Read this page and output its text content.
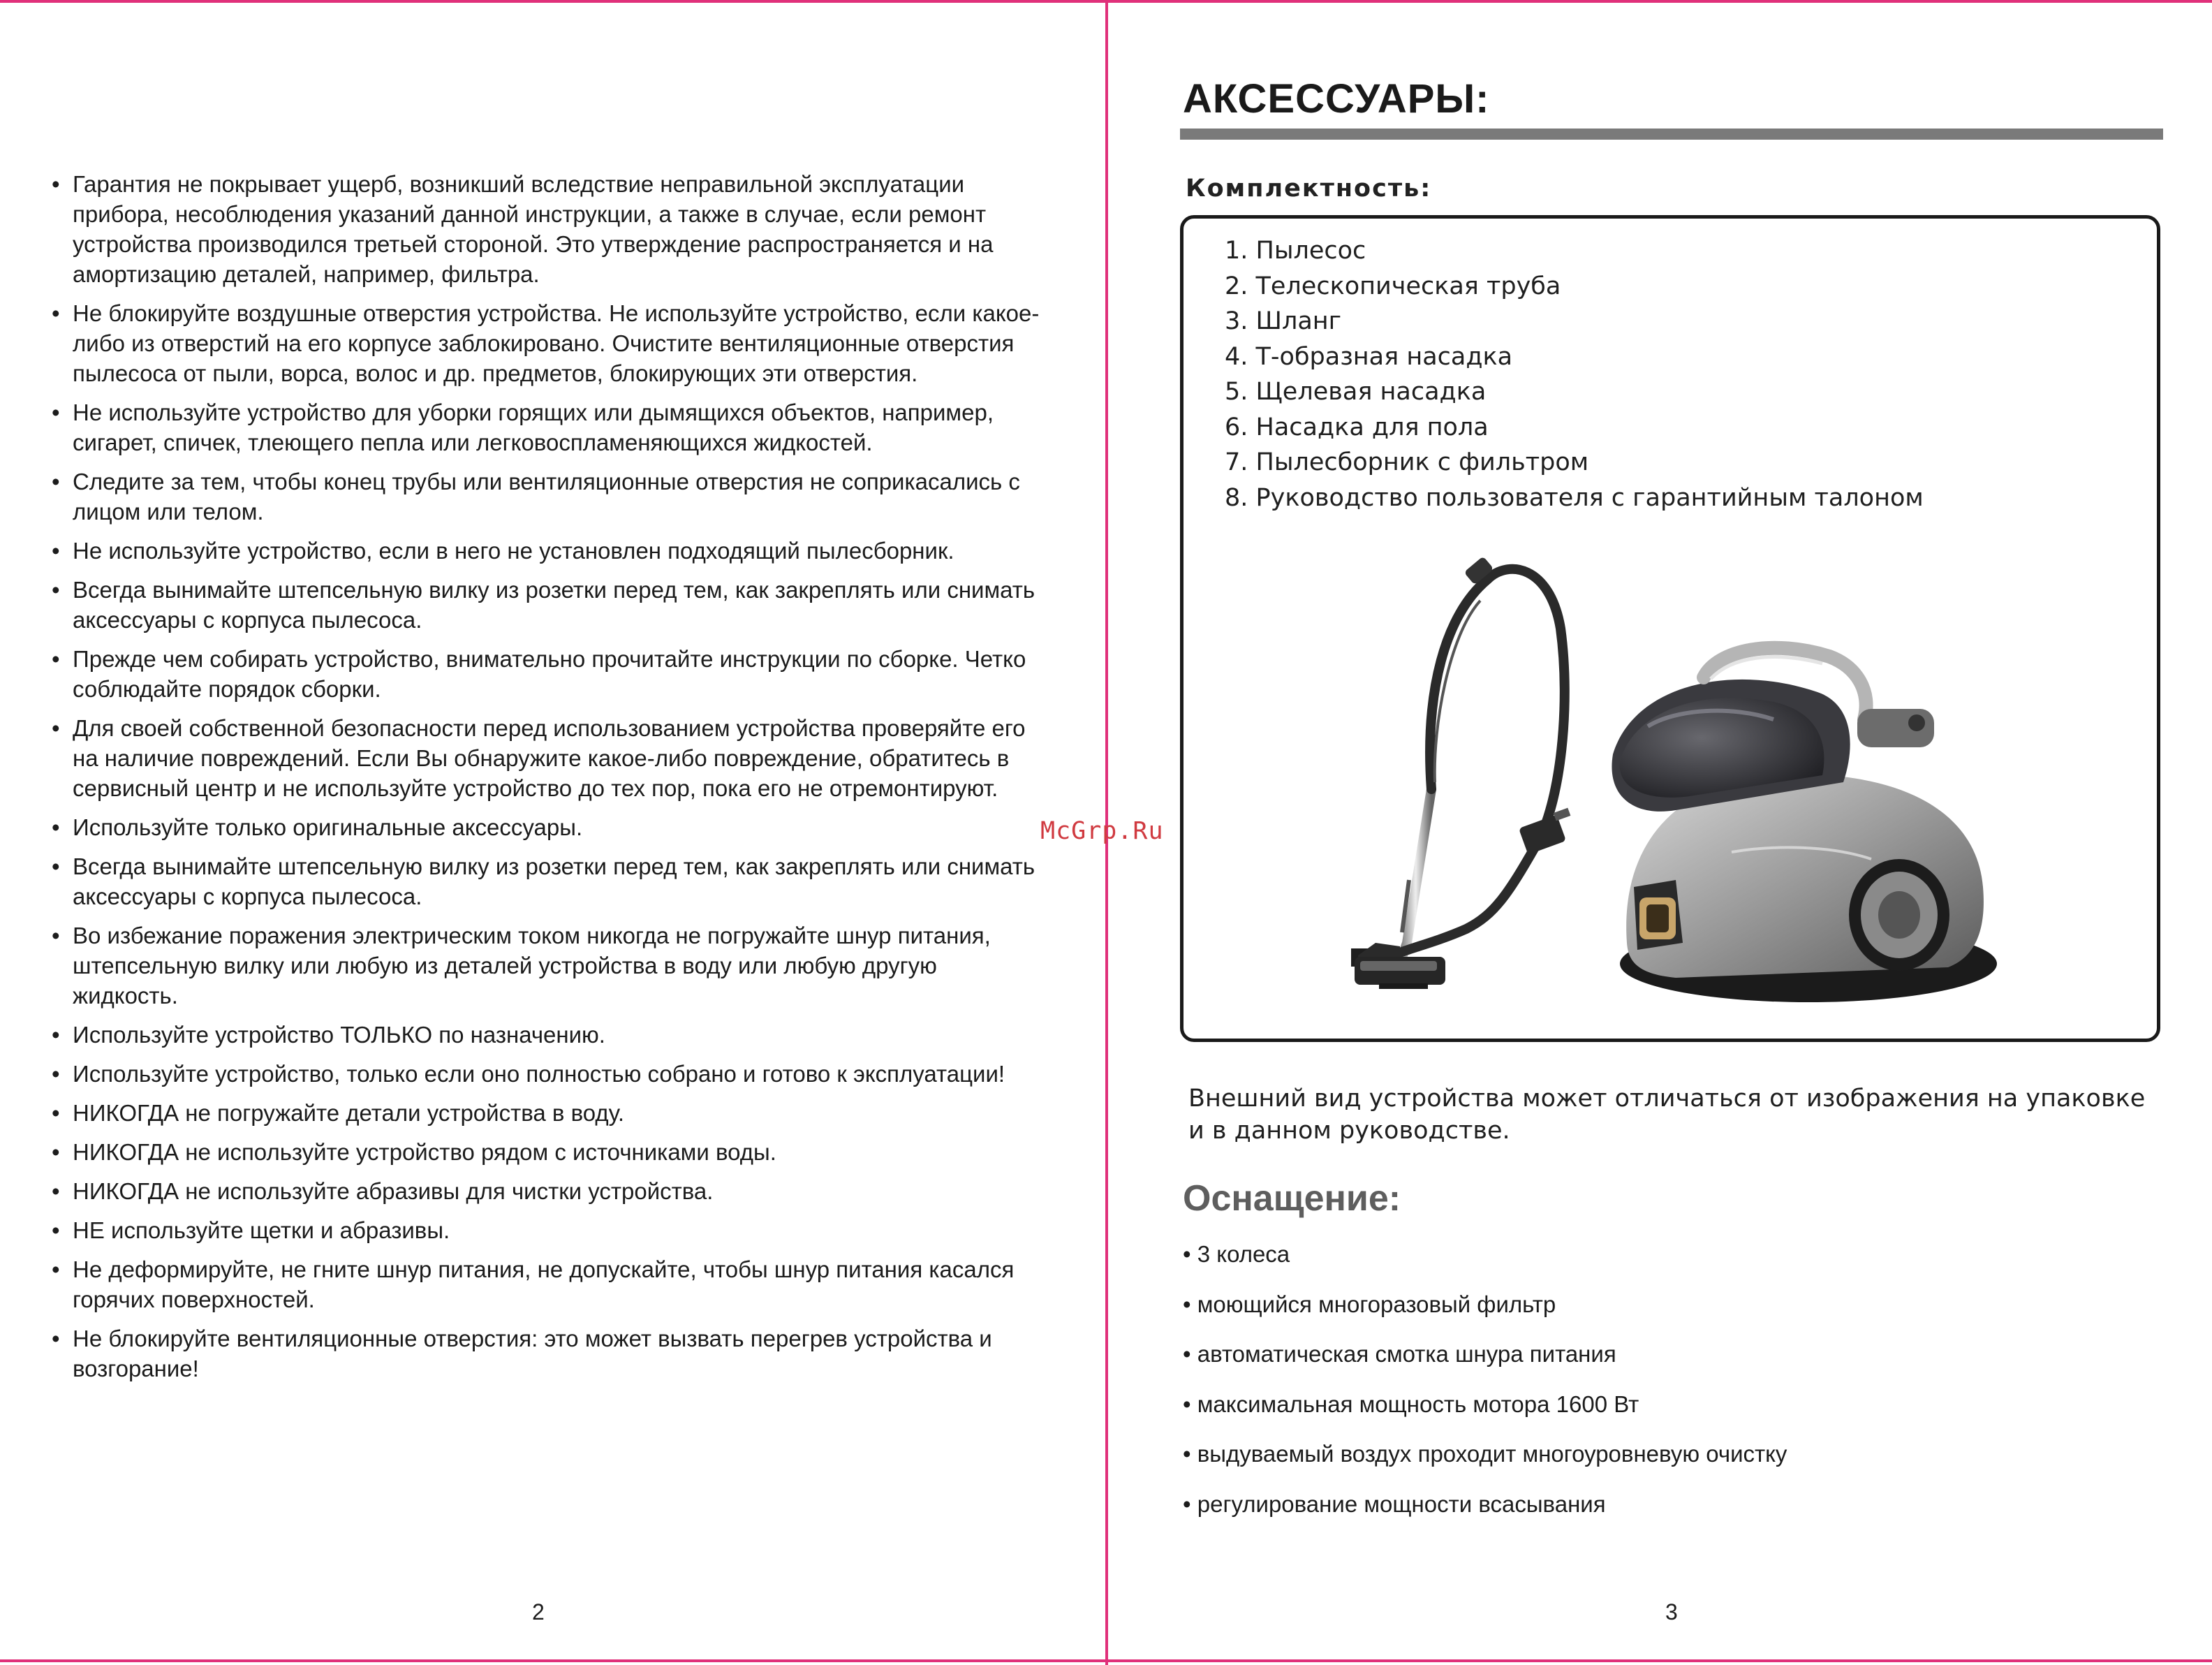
• Гарантия не покрывает ущерб, возникший вследствие неправильной эксплуатации прибора, несоблюдения указаний данной инструкции, а также в случае, если ремонт устройства производился третьей стороной. Это утверждение распространяется и на амортизацию деталей, например, фильтра.
• Не блокируйте воздушные отверстия устройства. Не используйте устройство, если какое-либо из отверстий на его корпусе заблокировано. Очистите вентиляционные отверстия пылесоса от пыли, ворса, волос и др. предметов, блокирующих эти отверстия.
• Не используйте устройство для уборки горящих или дымящихся объектов, например, сигарет, спичек, тлеющего пепла или легковоспламеняющихся жидкостей.
• Следите за тем, чтобы конец трубы или вентиляционные отверстия не соприкасались с лицом или телом.
• Не используйте устройство, если в него не установлен подходящий пылесборник.
• Всегда вынимайте штепсельную вилку из розетки перед тем, как закреплять или снимать аксессуары с корпуса пылесоса.
• Прежде чем собирать устройство, внимательно прочитайте инструкции по сборке. Четко соблюдайте порядок сборки.
• Для своей собственной безопасности перед использованием устройства проверяйте его на наличие повреждений. Если Вы обнаружите какое-либо повреждение, обратитесь в сервисный центр и не используйте устройство до тех пор, пока его не отремонтируют.
• Используйте только оригинальные аксессуары.
• Всегда вынимайте штепсельную вилку из розетки перед тем, как закреплять или снимать аксессуары с корпуса пылесоса.
• Во избежание поражения электрическим током никогда не погружайте шнур питания, штепсельную вилку или любую из деталей устройства в воду или любую другую жидкость.
• Используйте устройство ТОЛЬКО по назначению.
• Используйте устройство, только если оно полностью собрано и готово к эксплуатации!
• НИКОГДА не погружайте детали устройства в воду.
• НИКОГДА не используйте устройство рядом с источниками воды.
• НИКОГДА не используйте абразивы для чистки устройства.
• НЕ используйте щетки и абразивы.
• Не деформируйте, не гните шнур питания, не допускайте, чтобы шнур питания касался горячих поверхностей.
• Не блокируйте вентиляционные отверстия: это может вызвать перегрев устройства и возгорание!
2
McGrp.Ru
АКСЕССУАРЫ:
Комплектность:
1. Пылесос
2. Телескопическая труба
3. Шланг
4. Т-образная насадка
5. Щелевая насадка
6. Насадка для пола
7. Пылесборник с фильтром
8. Руководство пользователя с гарантийным талоном

Внешний вид устройства может отличаться от изображения на упаковке и в данном руководстве.

Оснащение:
• 3 колеса
• моющийся многоразовый фильтр
• автоматическая смотка шнура питания
• максимальная мощность мотора 1600 Вт
• выдуваемый воздух проходит многоуровневую очистку
• регулирование мощности всасывания
3
